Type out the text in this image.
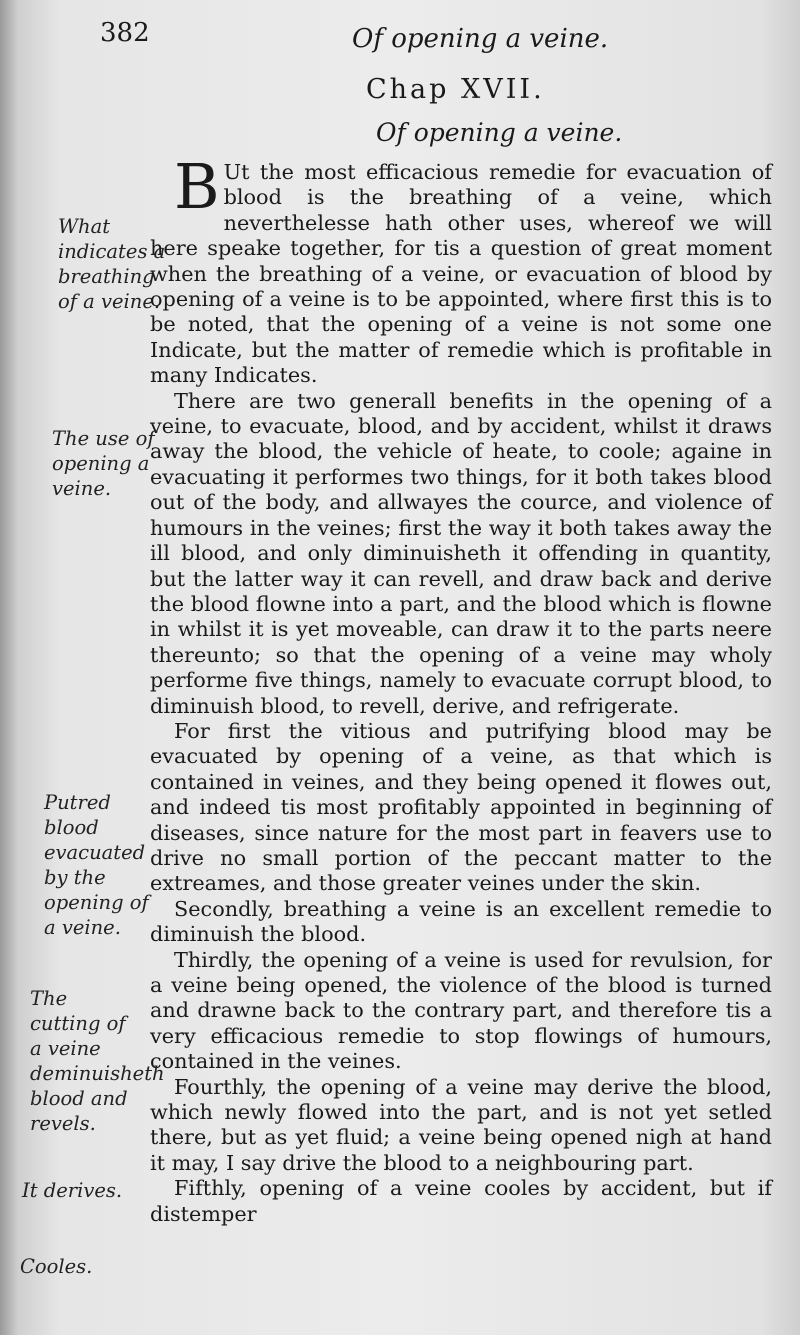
382	Of opening a veine.
Chap XVII.
Of opening a veine.

B Ut the most efficacious remedie for evacuation of blood is the breathing of a veine, which neverthelesse hath other uses, whereof we will here speake together, for tis a question of great moment when the breathing of a veine, or evacuation of blood by opening of a veine is to be appointed, where first this is to be noted, that the opening of a veine is not some one Indicate, but the matter of remedie which is profitable in many Indicates.

There are two generall benefits in the opening of a veine, to evacuate, blood, and by accident, whilst it draws away the blood, the vehicle of heate, to coole; againe in evacuating it performes two things, for it both takes blood out of the body, and allwayes the cource, and violence of humours in the veines; first the way it both takes away the ill blood, and only diminuisheth it offending in quantity, but the latter way it can revell, and draw back and derive the blood flowne into a part, and the blood which is flowne in whilst it is yet moveable, can draw it to the parts neere thereunto; so that the opening of a veine may wholy performe five things, namely to evacuate corrupt blood, to diminuish blood, to revell, derive, and refrigerate.

For first the vitious and putrifying blood may be evacuated by opening of a veine, as that which is contained in veines, and they being opened it flowes out, and indeed tis most profitably appointed in beginning of diseases, since nature for the most part in feavers use to drive no small portion of the peccant matter to the extreames, and those greater veines under the skin.

Secondly, breathing a veine is an excellent remedie to diminuish the blood.

Thirdly, the opening of a veine is used for revulsion, for a veine being opened, the violence of the blood is turned and drawne back to the contrary part, and therefore tis a very efficacious remedie to stop flowings of humours, contained in the veines.

Fourthly, the opening of a veine may derive the blood, which newly flowed into the part, and is not yet setled there, but as yet fluid; a veine being opened nigh at hand it may, I say drive the blood to a neighbouring part.

Fifthly, opening of a veine cooles by accident, but if distemper

What indicates a breathing of a veine.
The use of opening a veine.
Putred blood evacuated by the opening of a veine.
The cutting of a veine deminuisheth blood and revels.
It derives.
Cooles.
